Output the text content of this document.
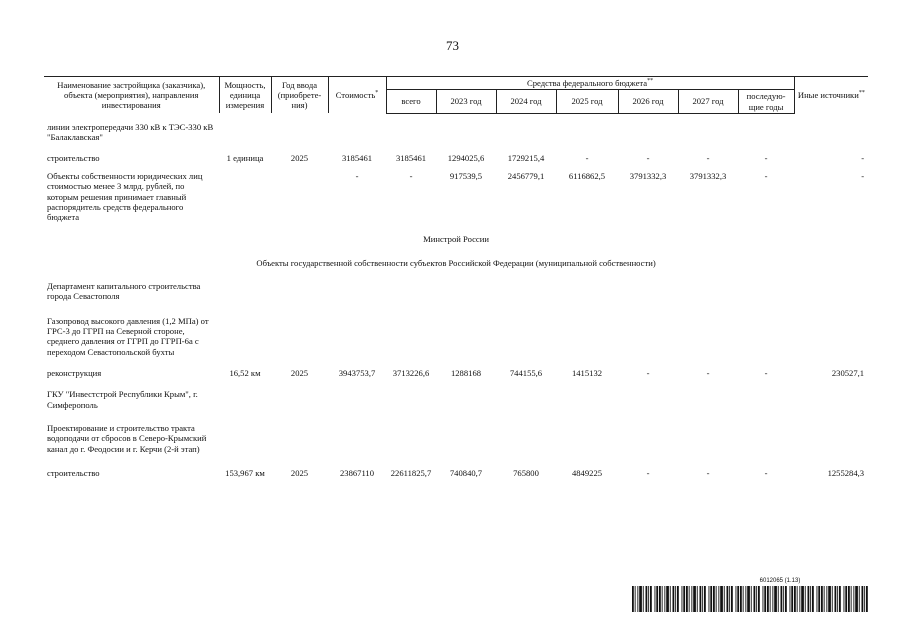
73
Наименование застройщика (заказчика), объекта (мероприятия), направления инвестирования	Мощность, единица измерения	Год ввода (приобрете-ния)	Стоимость*	Средства федерального бюджета**							Иные источники**
				всего	2023 год	2024 год	2025 год	2026 год	2027 год	последую-щие годы	

линии электропередачи 330 кВ к ТЭС-330 кВ "Балаклавская"											

строительство	1 единица	2025	3185461	3185461	1294025,6	1729215,4	-	-	-	-	-

Объекты собственности юридических лиц стоимостью менее 3 млрд. рублей, по которым решения принимает главный распорядитель средств федерального бюджета			-	-	917539,5	2456779,1	6116862,5	3791332,3	3791332,3	-	-

Минстрой России											

Объекты государственной собственности субъектов Российской Федерации (муниципальной собственности)											

Департамент капитального строительства города Севастополя											

Газопровод высокого давления (1,2 МПа) от ГРС-3 до ГГРП на Северной стороне, среднего давления от ГГРП до ГГРП-6а с переходом Севастопольской бухты											

реконструкция	16,52 км	2025	3943753,7	3713226,6	1288168	744155,6	1415132	-	-	-	230527,1

ГКУ "Инвестстрой Республики Крым", г. Симферополь											

Проектирование и строительство тракта водоподачи от сбросов в Северо-Крымский канал до г. Феодосии и г. Керчи (2-й этап)											

строительство	153,967 км	2025	23867110	22611825,7	740840,7	765800	4849225	-	-	-	1255284,3
6012065 (1.13)
